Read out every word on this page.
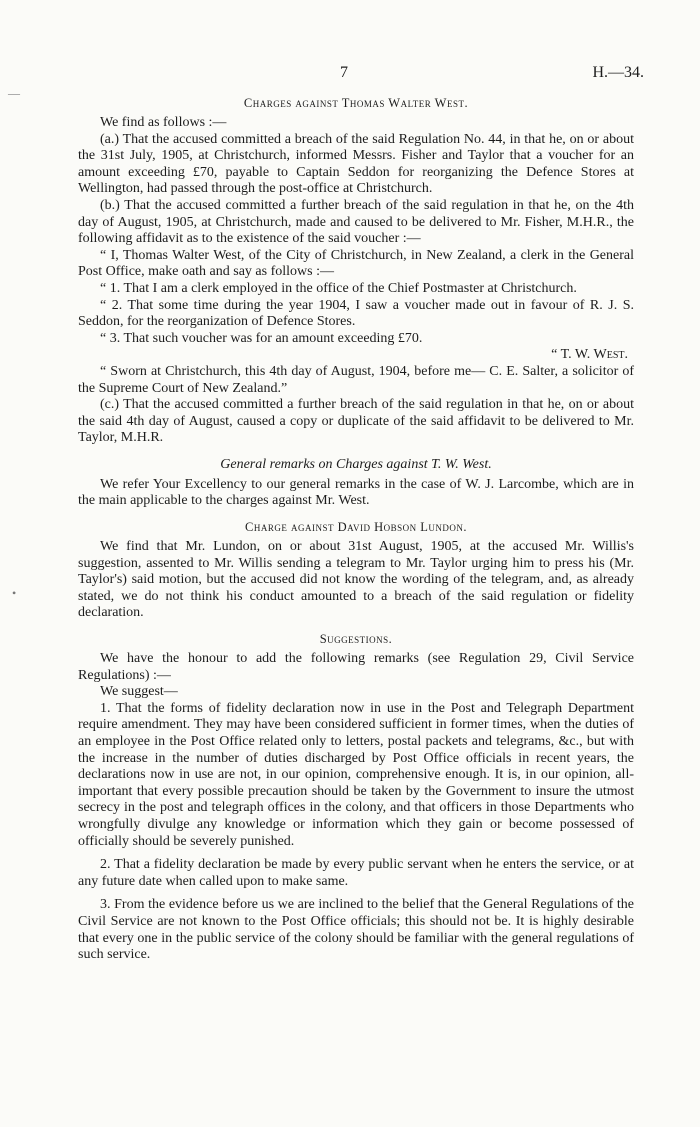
—
•
7	H.—34.
Charges against Thomas Walter West.

We find as follows :—

(a.) That the accused committed a breach of the said Regulation No. 44, in that he, on or about the 31st July, 1905, at Christchurch, informed Messrs. Fisher and Taylor that a voucher for an amount exceeding £70, payable to Captain Seddon for reorganizing the Defence Stores at Wellington, had passed through the post-office at Christchurch.

(b.) That the accused committed a further breach of the said regulation in that he, on the 4th day of August, 1905, at Christchurch, made and caused to be delivered to Mr. Fisher, M.H.R., the following affidavit as to the existence of the said voucher :—

“ I, Thomas Walter West, of the City of Christchurch, in New Zealand, a clerk in the General Post Office, make oath and say as follows :—

“ 1. That I am a clerk employed in the office of the Chief Postmaster at Christchurch.

“ 2. That some time during the year 1904, I saw a voucher made out in favour of R. J. S. Seddon, for the reorganization of Defence Stores.

“ 3. That such voucher was for an amount exceeding £70.

“ T. W. West.

“ Sworn at Christchurch, this 4th day of August, 1904, before me— C. E. Salter, a solicitor of the Supreme Court of New Zealand.”

(c.) That the accused committed a further breach of the said regulation in that he, on or about the said 4th day of August, caused a copy or duplicate of the said affidavit to be delivered to Mr. Taylor, M.H.R.

General remarks on Charges against T. W. West.

We refer Your Excellency to our general remarks in the case of W. J. Larcombe, which are in the main applicable to the charges against Mr. West.

Charge against David Hobson Lundon.

We find that Mr. Lundon, on or about 31st August, 1905, at the accused Mr. Willis's suggestion, assented to Mr. Willis sending a telegram to Mr. Taylor urging him to press his (Mr. Taylor's) said motion, but the accused did not know the wording of the telegram, and, as already stated, we do not think his conduct amounted to a breach of the said regulation or fidelity declaration.

Suggestions.

We have the honour to add the following remarks (see Regulation 29, Civil Service Regulations) :—

We suggest—

1. That the forms of fidelity declaration now in use in the Post and Telegraph Department require amendment. They may have been considered sufficient in former times, when the duties of an employee in the Post Office related only to letters, postal packets and telegrams, &c., but with the increase in the number of duties discharged by Post Office officials in recent years, the declarations now in use are not, in our opinion, comprehensive enough. It is, in our opinion, all-important that every possible precaution should be taken by the Government to insure the utmost secrecy in the post and telegraph offices in the colony, and that officers in those Departments who wrongfully divulge any knowledge or information which they gain or become possessed of officially should be severely punished.

2. That a fidelity declaration be made by every public servant when he enters the service, or at any future date when called upon to make same.

3. From the evidence before us we are inclined to the belief that the General Regulations of the Civil Service are not known to the Post Office officials; this should not be. It is highly desirable that every one in the public service of the colony should be familiar with the general regulations of such service.
